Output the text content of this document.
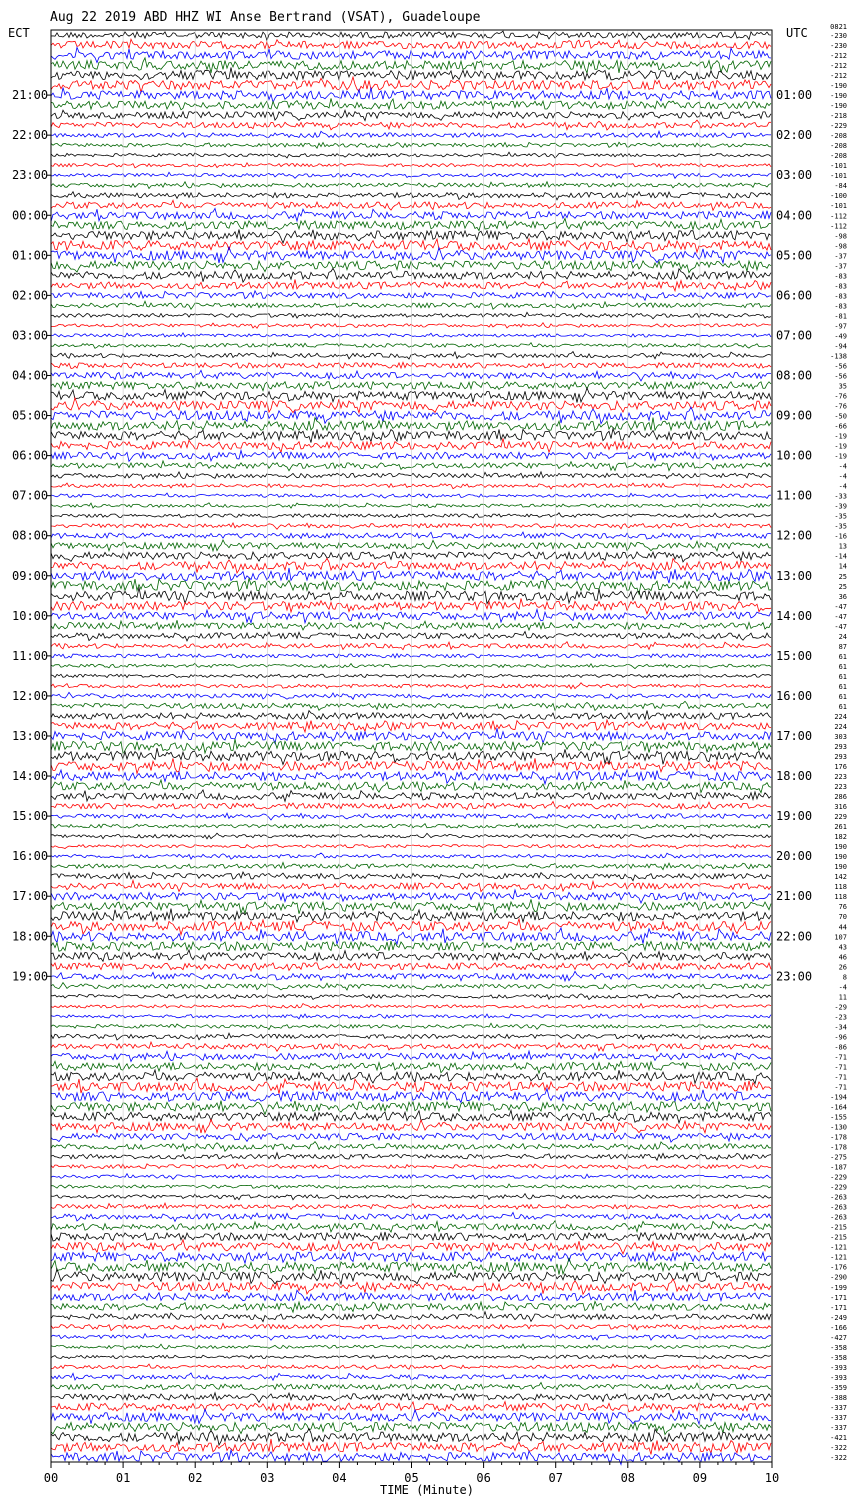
Aug 22 2019 ABD HHZ WI Anse Bertrand (VSAT), Guadeloupe
ECT	UTC
21:00
22:00
23:00
00:00
01:00
02:00
03:00
04:00
05:00
06:00
07:00
08:00
09:00
10:00
11:00
12:00
13:00
14:00
15:00
16:00
17:00
18:00
19:00
01:00
02:00
03:00
04:00
05:00
06:00
07:00
08:00
09:00
10:00
11:00
12:00
13:00
14:00
15:00
16:00
17:00
18:00
19:00
20:00
21:00
22:00
23:00
0821
-230
-230
-212
-212
-212
-190
-190
-190
-218
-229
-208
-208
-208
-101
-101
-84
-100
-101
-112
-112
-98
-98
-37
-37
-83
-83
-83
-83
-81
-97
-49
-94
-138
-56
-56
35
-76
-76
-50
-66
-19
-19
-19
-4
-4
-4
-33
-39
-35
-35
-16
13
-14
14
25
25
36
-47
-47
-47
24
87
61
61
61
61
61
61
224
224
303
293
293
176
223
223
286
316
229
261
182
190
190
190
142
118
118
76
70
44
107
43
46
26
8
-4
11
-29
-23
-34
-96
-86
-71
-71
-71
-71
-194
-164
-155
-130
-178
-178
-275
-187
-229
-229
-263
-263
-263
-215
-215
-121
-121
-176
-290
-199
-171
-171
-249
-166
-427
-358
-358
-393
-393
-359
-388
-337
-337
-337
-421
-322
-322
00	01	02	03	04	05	06	07	08	09	10
TIME (Minute)
